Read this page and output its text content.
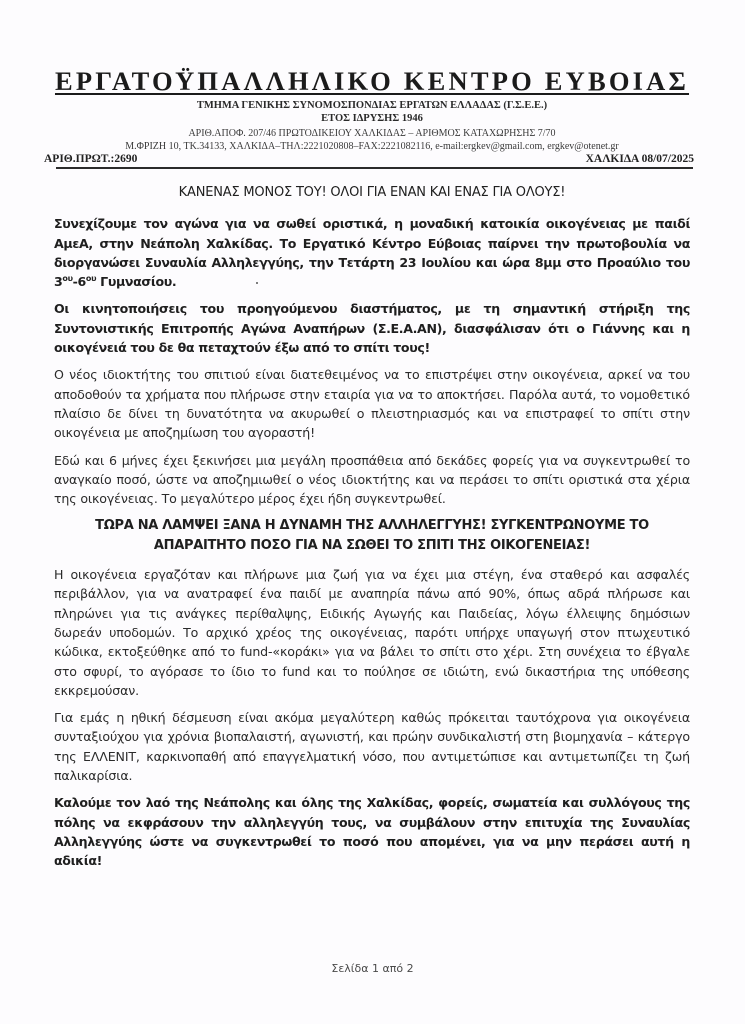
ΕΡΓΑΤΟΫΠΑΛΛΗΛΙΚΟ ΚΕΝΤΡΟ ΕΥΒΟΙΑΣ
ΤΜΗΜΑ ΓΕΝΙΚΗΣ ΣΥΝΟΜΟΣΠΟΝΔΙΑΣ ΕΡΓΑΤΩΝ ΕΛΛΑΔΑΣ (Γ.Σ.Ε.Ε.)
ΕΤΟΣ ΙΔΡΥΣΗΣ 1946
ΑΡΙΘ.ΑΠΟΦ. 207/46 ΠΡΩΤΟΔΙΚΕΙΟΥ ΧΑΛΚΙΔΑΣ – ΑΡΙΘΜΟΣ ΚΑΤΑΧΩΡΗΣΗΣ 7/70
Μ.ΦΡΙΖΗ 10, ΤΚ.34133, ΧΑΛΚΙΔΑ–ΤΗΛ:2221020808–FAX:2221082116, e-mail:ergkev@gmail.com, ergkev@otenet.gr
ΑΡΙΘ.ΠΡΩΤ.:2690	ΧΑΛΚΙΔΑ 08/07/2025
ΚΑΝΕΝΑΣ ΜΟΝΟΣ ΤΟΥ! ΟΛΟΙ ΓΙΑ ΕΝΑΝ ΚΑΙ ΕΝΑΣ ΓΙΑ ΟΛΟΥΣ!

Συνεχίζουμε τον αγώνα για να σωθεί οριστικά, η μοναδική κατοικία οικογένειας με παιδί ΑμεΑ, στην Νεάπολη Χαλκίδας. Το Εργατικό Κέντρο Εύβοιας παίρνει την πρωτοβουλία να διοργανώσει Συναυλία Αλληλεγγύης, την Τετάρτη 23 Ιουλίου και ώρα 8μμ στο Προαύλιο του $3^{o\upsilon}-6^{o\upsilon}$ Γυμνασίου.

Οι κινητοποιήσεις του προηγούμενου διαστήματος, με τη σημαντική στήριξη της Συντονιστικής Επιτροπής Αγώνα Αναπήρων (Σ.Ε.Α.ΑΝ), διασφάλισαν ότι ο Γιάννης και η οικογένειά του δε θα πεταχτούν έξω από το σπίτι τους!

Ο νέος ιδιοκτήτης του σπιτιού είναι διατεθειμένος να το επιστρέψει στην οικογένεια, αρκεί να του αποδοθούν τα χρήματα που πλήρωσε στην εταιρία για να το αποκτήσει. Παρόλα αυτά, το νομοθετικό πλαίσιο δε δίνει τη δυνατότητα να ακυρωθεί ο πλειστηριασμός και να επιστραφεί το σπίτι στην οικογένεια με αποζημίωση του αγοραστή!

Εδώ και 6 μήνες έχει ξεκινήσει μια μεγάλη προσπάθεια από δεκάδες φορείς για να συγκεντρωθεί το αναγκαίο ποσό, ώστε να αποζημιωθεί ο νέος ιδιοκτήτης και να περάσει το σπίτι οριστικά στα χέρια της οικογένειας. Το μεγαλύτερο μέρος έχει ήδη συγκεντρωθεί.

ΤΩΡΑ ΝΑ ΛΑΜΨΕΙ ΞΑΝΑ Η ΔΥΝΑΜΗ ΤΗΣ ΑΛΛΗΛΕΓΓΥΗΣ! ΣΥΓΚΕΝΤΡΩΝΟΥΜΕ ΤΟ ΑΠΑΡΑΙΤΗΤΟ ΠΟΣΟ ΓΙΑ ΝΑ ΣΩΘΕΙ ΤΟ ΣΠΙΤΙ ΤΗΣ ΟΙΚΟΓΕΝΕΙΑΣ!

Η οικογένεια εργαζόταν και πλήρωνε μια ζωή για να έχει μια στέγη, ένα σταθερό και ασφαλές περιβάλλον, για να ανατραφεί ένα παιδί με αναπηρία πάνω από 90%, όπως αδρά πλήρωσε και πληρώνει για τις ανάγκες περίθαλψης, Ειδικής Αγωγής και Παιδείας, λόγω έλλειψης δημόσιων δωρεάν υποδομών. Το αρχικό χρέος της οικογένειας, παρότι υπήρχε υπαγωγή στον πτωχευτικό κώδικα, εκτοξεύθηκε από το fund-«κοράκι» για να βάλει το σπίτι στο χέρι. Στη συνέχεια το έβγαλε στο σφυρί, το αγόρασε το ίδιο το fund και το πούλησε σε ιδιώτη, ενώ δικαστήρια της υπόθεσης εκκρεμούσαν.

Για εμάς η ηθική δέσμευση είναι ακόμα μεγαλύτερη καθώς πρόκειται ταυτόχρονα για οικογένεια συνταξιούχου για χρόνια βιοπαλαιστή, αγωνιστή, και πρώην συνδικαλιστή στη βιομηχανία – κάτεργο της ΕΛΛΕΝΙΤ, καρκινοπαθή από επαγγελματική νόσο, που αντιμετώπισε και αντιμετωπίζει τη ζωή παλικαρίσια.

Καλούμε τον λαό της Νεάπολης και όλης της Χαλκίδας, φορείς, σωματεία και συλλόγους της πόλης να εκφράσουν την αλληλεγγύη τους, να συμβάλουν στην επιτυχία της Συναυλίας Αλληλεγγύης ώστε να συγκεντρωθεί το ποσό που απομένει, για να μην περάσει αυτή η αδικία!

Σελίδα 1 από 2
